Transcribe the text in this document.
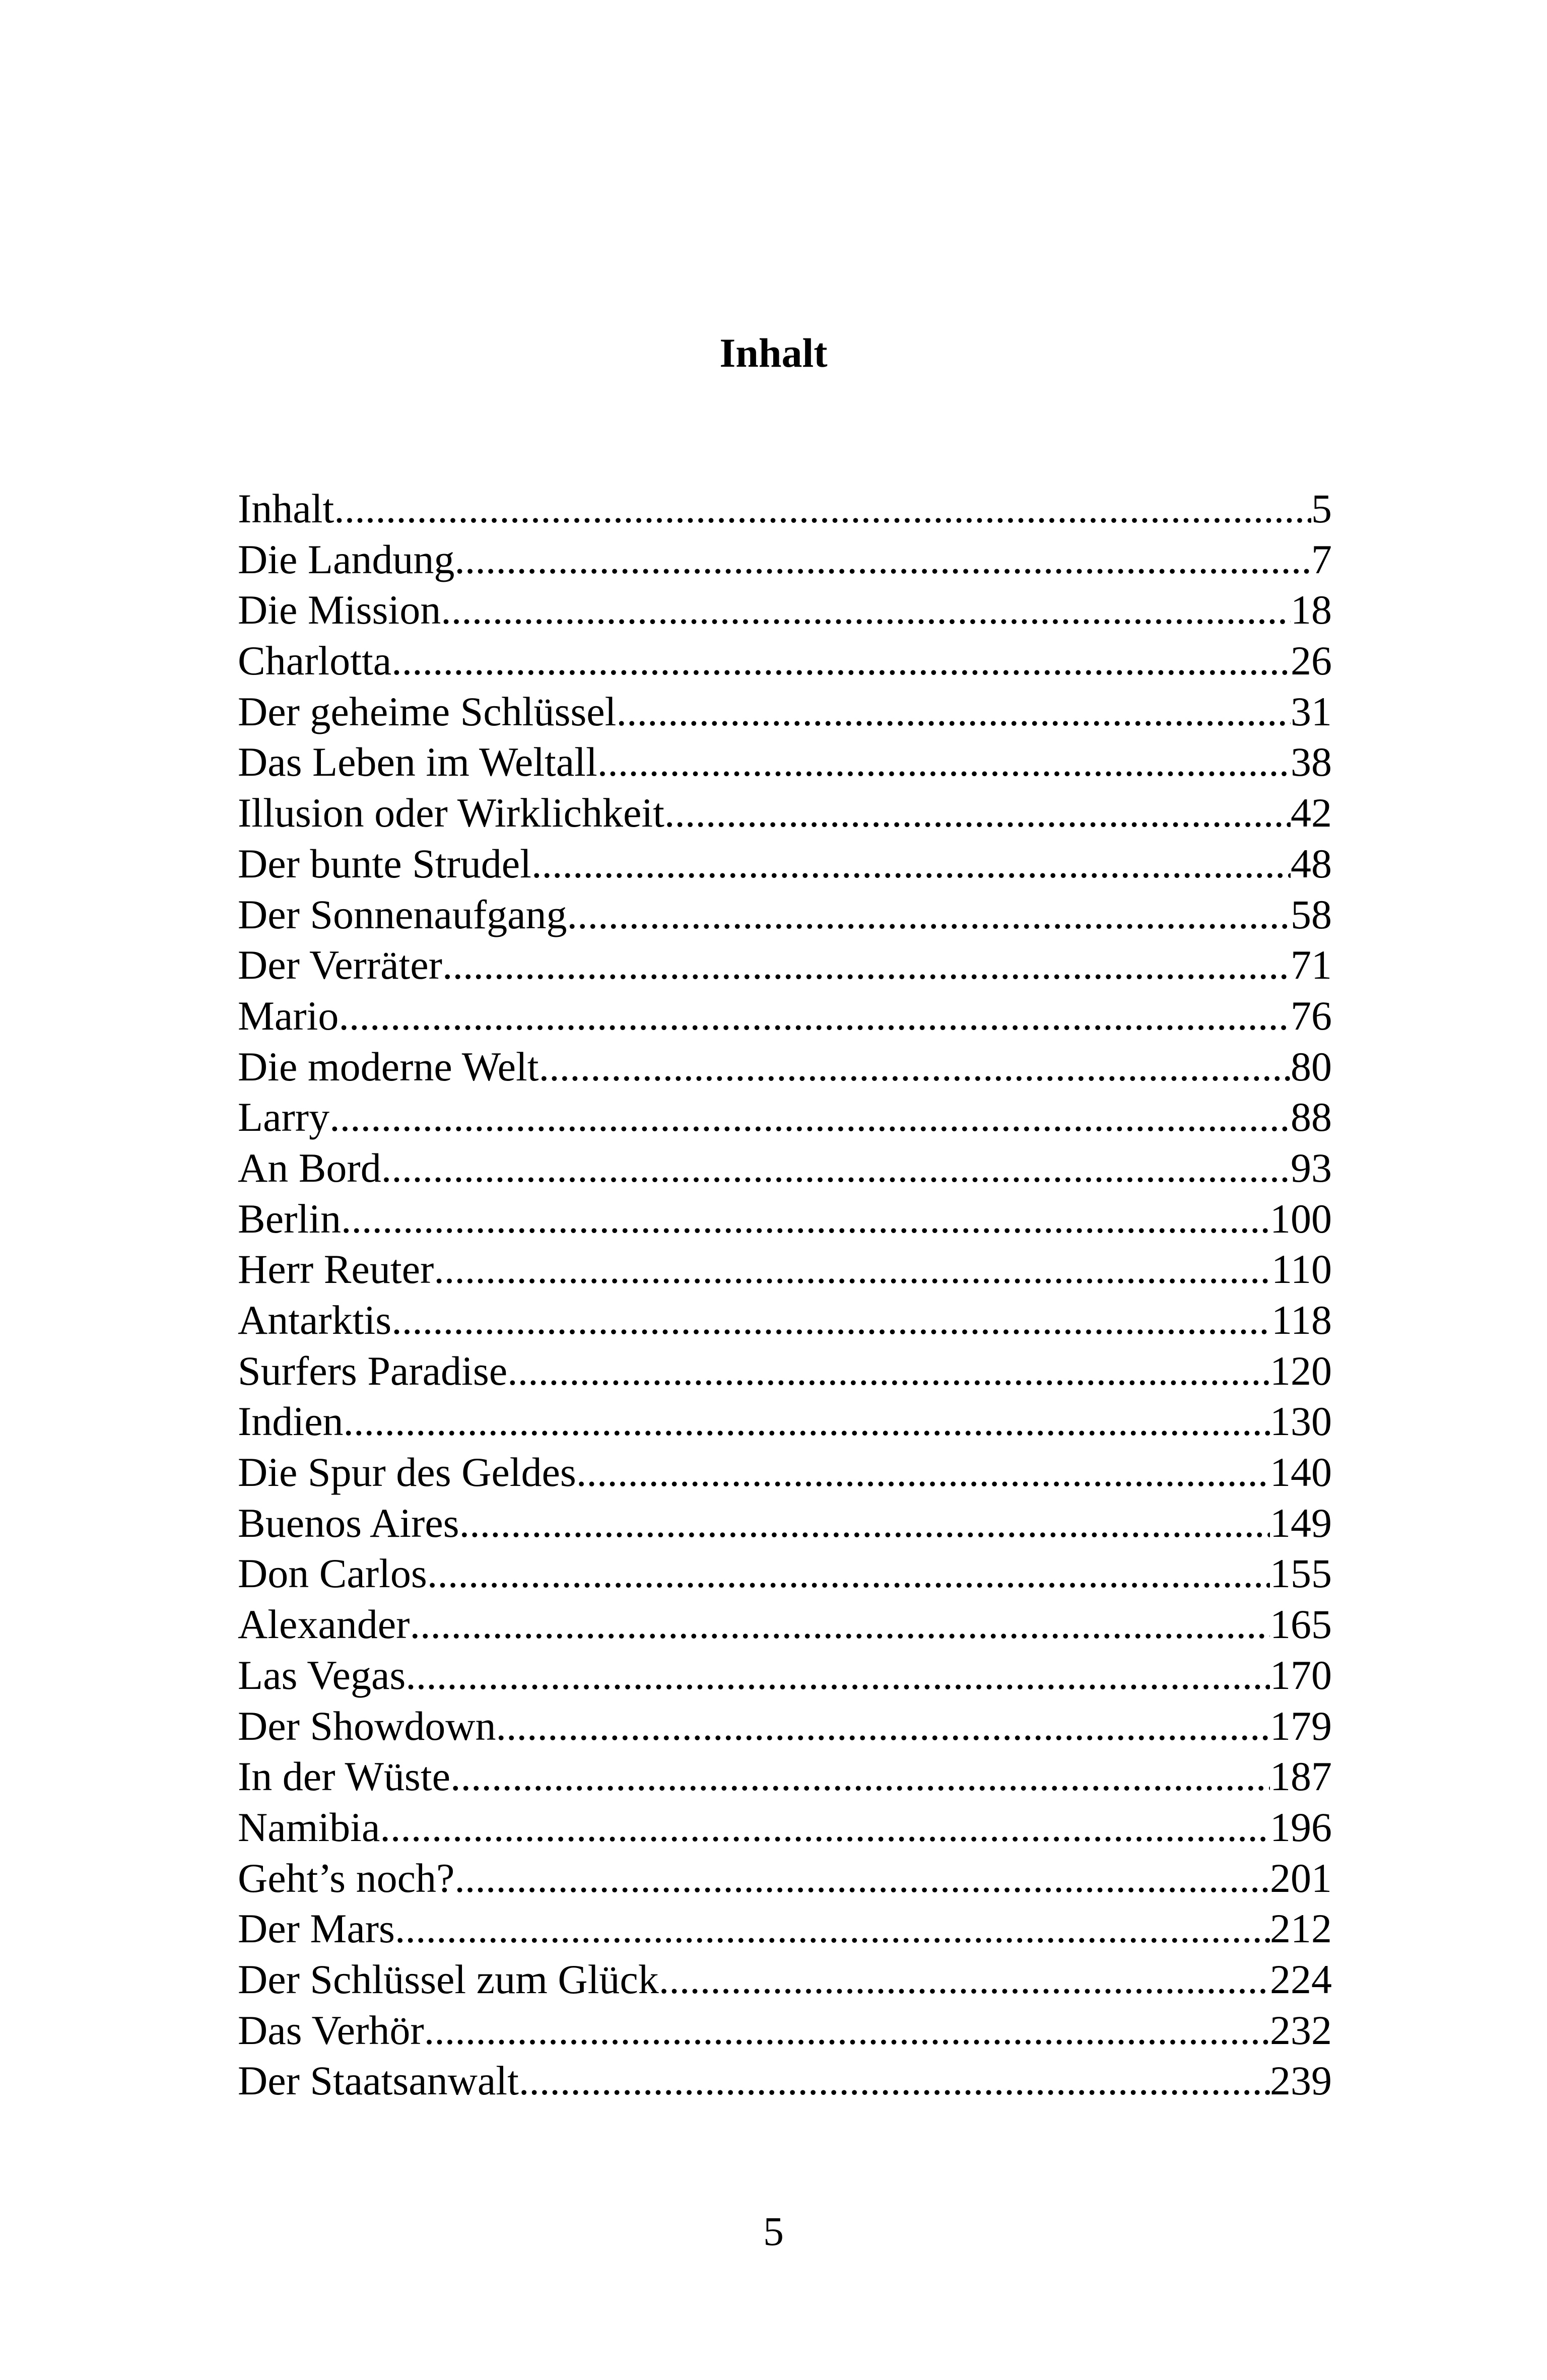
Inhalt
Inhalt .....	5
Die Landung .....	7
Die Mission .....	18
Charlotta .....	26
Der geheime Schlüssel .....	31
Das Leben im Weltall .....	38
Illusion oder Wirklichkeit .....	42
Der bunte Strudel .....	48
Der Sonnenaufgang .....	58
Der Verräter .....	71
Mario .....	76
Die moderne Welt .....	80
Larry .....	88
An Bord .....	93
Berlin .....	100
Herr Reuter .....	110
Antarktis .....	118
Surfers Paradise .....	120
Indien .....	130
Die Spur des Geldes .....	140
Buenos Aires .....	149
Don Carlos .....	155
Alexander .....	165
Las Vegas .....	170
Der Showdown .....	179
In der Wüste .....	187
Namibia .....	196
Geht’s noch? .....	201
Der Mars .....	212
Der Schlüssel zum Glück .....	224
Das Verhör .....	232
Der Staatsanwalt .....	239
5
